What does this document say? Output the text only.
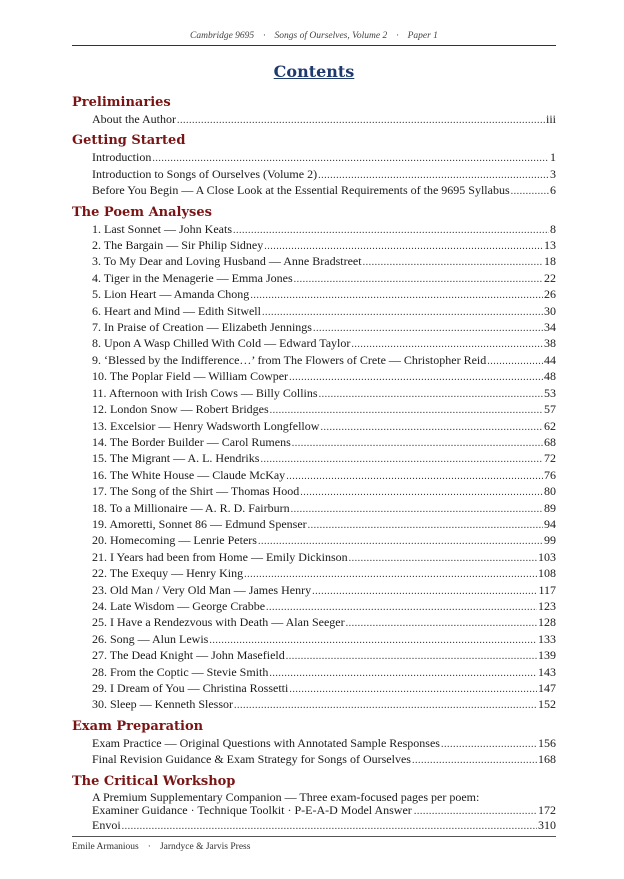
Cambridge 9695 · Songs of Ourselves, Volume 2 · Paper 1
Contents
Preliminaries
About the Author .....	iii
Getting Started
Introduction .....	1
Introduction to Songs of Ourselves (Volume 2) .....	3
Before You Begin — A Close Look at the Essential Requirements of the 9695 Syllabus .....	6
The Poem Analyses
1. Last Sonnet — John Keats .....	8
2. The Bargain — Sir Philip Sidney .....	13
3. To My Dear and Loving Husband — Anne Bradstreet .....	18
4. Tiger in the Menagerie — Emma Jones .....	22
5. Lion Heart — Amanda Chong .....	26
6. Heart and Mind — Edith Sitwell .....	30
7. In Praise of Creation — Elizabeth Jennings .....	34
8. Upon A Wasp Chilled With Cold — Edward Taylor .....	38
9. ‘Blessed by the Indifference…’ from The Flowers of Crete — Christopher Reid .....	44
10. The Poplar Field — William Cowper .....	48
11. Afternoon with Irish Cows — Billy Collins .....	53
12. London Snow — Robert Bridges .....	57
13. Excelsior — Henry Wadsworth Longfellow .....	62
14. The Border Builder — Carol Rumens .....	68
15. The Migrant — A. L. Hendriks .....	72
16. The White House — Claude McKay .....	76
17. The Song of the Shirt — Thomas Hood .....	80
18. To a Millionaire — A. R. D. Fairburn .....	89
19. Amoretti, Sonnet 86 — Edmund Spenser .....	94
20. Homecoming — Lenrie Peters .....	99
21. I Years had been from Home — Emily Dickinson .....	103
22. The Exequy — Henry King .....	108
23. Old Man / Very Old Man — James Henry .....	117
24. Late Wisdom — George Crabbe .....	123
25. I Have a Rendezvous with Death — Alan Seeger .....	128
26. Song — Alun Lewis .....	133
27. The Dead Knight — John Masefield .....	139
28. From the Coptic — Stevie Smith .....	143
29. I Dream of You — Christina Rossetti .....	147
30. Sleep — Kenneth Slessor .....	152
Exam Preparation
Exam Practice — Original Questions with Annotated Sample Responses .....	156
Final Revision Guidance & Exam Strategy for Songs of Ourselves .....	168
The Critical Workshop
A Premium Supplementary Companion — Three exam-focused pages per poem:
Examiner Guidance · Technique Toolkit · P-E-A-D Model Answer .....	172
Envoi .....	310
Emile Armanious · Jarndyce & Jarvis Press
